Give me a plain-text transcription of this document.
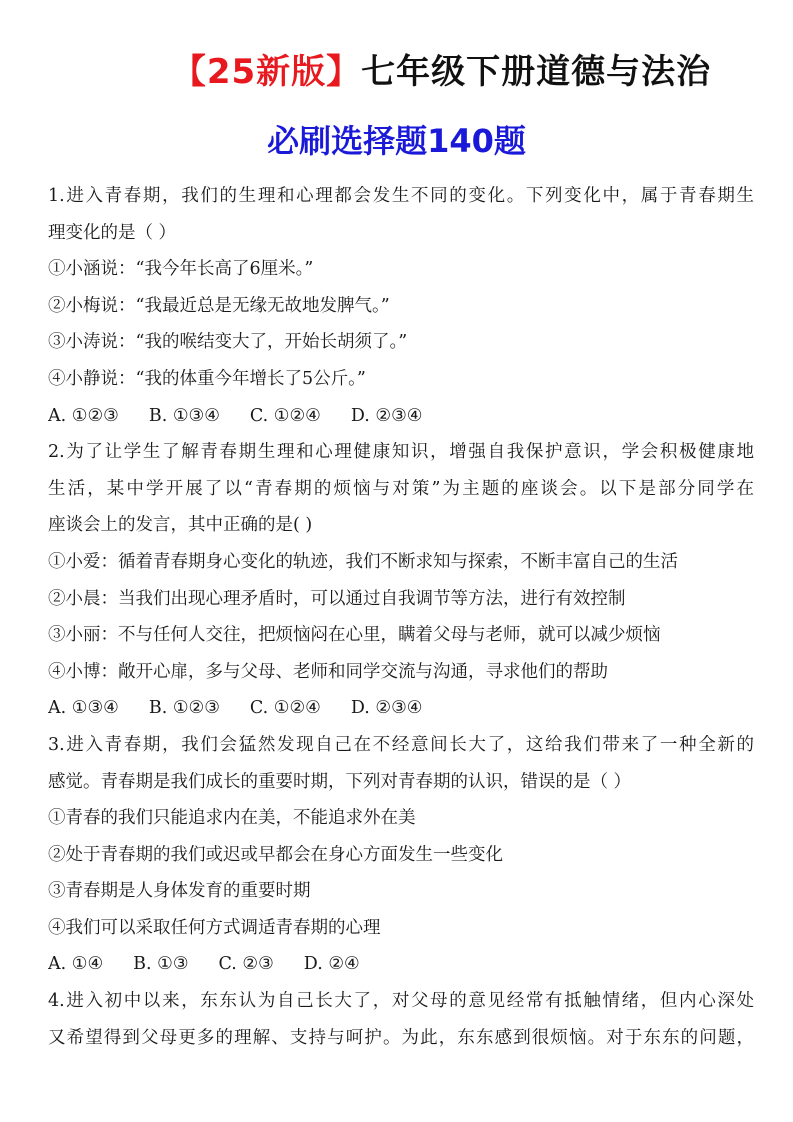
【25新版】七年级下册道德与法治
必刷选择题140题
1.进入青春期，我们的生理和心理都会发生不同的变化。下列变化中，属于青春期生
理变化的是（ ）
①小涵说：“我今年长高了6厘米。”
②小梅说：“我最近总是无缘无故地发脾气。”
③小涛说：“我的喉结变大了，开始长胡须了。”
④小静说：“我的体重今年增长了5公斤。”
A. ①②③ B. ①③④ C. ①②④ D. ②③④
2.为了让学生了解青春期生理和心理健康知识，增强自我保护意识，学会积极健康地
生活，某中学开展了以“青春期的烦恼与对策”为主题的座谈会。以下是部分同学在
座谈会上的发言，其中正确的是( )
①小爱：循着青春期身心变化的轨迹，我们不断求知与探索，不断丰富自己的生活
②小晨：当我们出现心理矛盾时，可以通过自我调节等方法，进行有效控制
③小丽：不与任何人交往，把烦恼闷在心里，瞒着父母与老师，就可以减少烦恼
④小博：敞开心扉，多与父母、老师和同学交流与沟通，寻求他们的帮助
A. ①③④ B. ①②③ C. ①②④ D. ②③④
3.进入青春期，我们会猛然发现自己在不经意间长大了，这给我们带来了一种全新的
感觉。青春期是我们成长的重要时期，下列对青春期的认识，错误的是（ ）
①青春的我们只能追求内在美，不能追求外在美
②处于青春期的我们或迟或早都会在身心方面发生一些变化
③青春期是人身体发育的重要时期
④我们可以采取任何方式调适青春期的心理
A. ①④ B. ①③ C. ②③ D. ②④
4.进入初中以来，东东认为自己长大了，对父母的意见经常有抵触情绪，但内心深处
又希望得到父母更多的理解、支持与呵护。为此，东东感到很烦恼。对于东东的问题，
